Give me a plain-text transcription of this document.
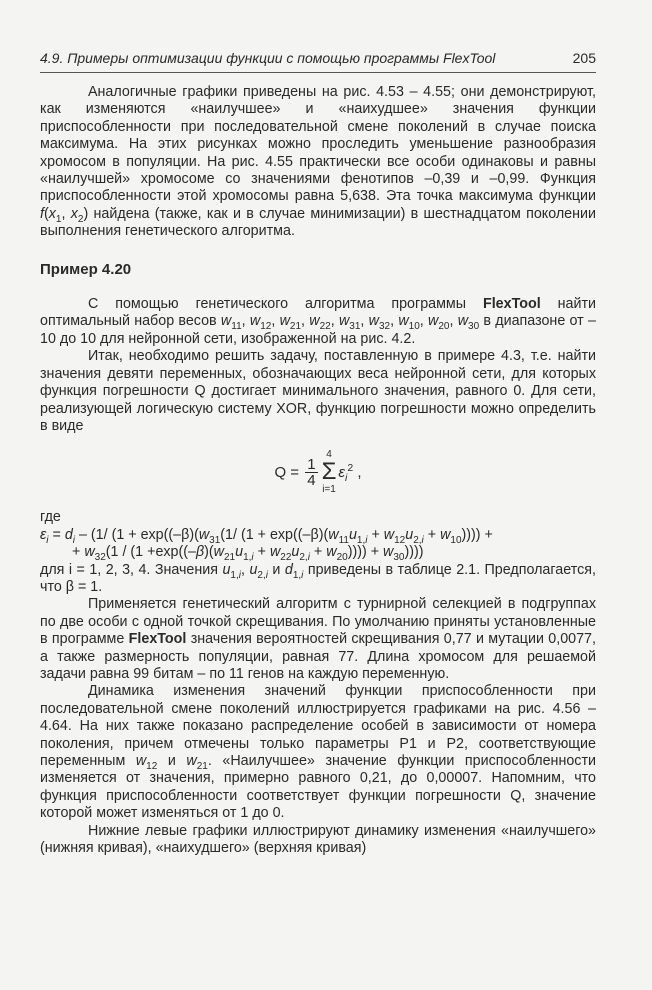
4.9. Примеры оптимизации функции с помощью программы FlexTool	205

Аналогичные графики приведены на рис. 4.53 – 4.55; они демонстрируют, как изменяются «наилучшее» и «наихудшее» значения функции приспособленности при последовательной смене поколений в случае поиска максимума. На этих рисунках можно проследить уменьшение разнообразия хромосом в популяции. На рис. 4.55 практически все особи одинаковы и равны «наилучшей» хромосоме со значениями фенотипов –0,39 и –0,99. Функция приспособленности этой хромосомы равна 5,638. Эта точка максимума функции $f(x_1$, $x_2$) найдена (также, как и в случае минимизации) в шестнадцатом поколении выполнения генетического алгоритма.

Пример 4.20

С помощью генетического алгоритма программы FlexTool найти оптимальный набор весов $w_{11}$, $w_{12}$, $w_{21}$, $w_{22}$, $w_{31}$, $w_{32}$, $w_{10}$, $w_{20}$, $w_{30}$ в диапазоне от –10 до 10 для нейронной сети, изображенной на рис. 4.2.

Итак, необходимо решить задачу, поставленную в примере 4.3, т.е. найти значения девяти переменных, обозначающих веса нейронной сети, для которых функция погрешности Q достигает минимального значения, равного 0. Для сети, реализующей логическую систему XOR, функцию погрешности можно определить в виде

$Q = \frac{1}{4}$
4
Σ
i=1
$\varepsilon_i^2$ ,

где

$\varepsilon_i = d_i - (1/$ ($1 + \exp((-\beta)(w_{31}(1/$ $(1 + \exp((-\beta)(w_{11}u_{1,i} + w_{12}u_{2,i} + w_{10})))$) +

+ $w_{32}(1 / (1 +\exp((-\beta)(w_{21}u_{1,i} + w_{22}u_{2,i} + w_{20})))) + w_{30}$))))

для i = 1, 2, 3, 4. Значения $u_{1,i}$, $u_{2,i}$ и $d_{1,i}$ приведены в таблице 2.1. Предполагается, что β = 1.

Применяется генетический алгоритм с турнирной селекцией в подгруппах по две особи с одной точкой скрещивания. По умолчанию приняты установленные в программе FlexTool значения вероятностей скрещивания 0,77 и мутации 0,0077, а также размерность популяции, равная 77. Длина хромосом для решаемой задачи равна 99 битам – по 11 генов на каждую переменную.

Динамика изменения значений функции приспособленности при последовательной смене поколений иллюстрируется графиками на рис. 4.56 – 4.64. На них также показано распределение особей в зависимости от номера поколения, причем отмечены только параметры P1 и P2, соответствующие переменным $w_{12}$ и $w_{21}$. «Наилучшее» значение функции приспособленности изменяется от значения, примерно равного 0,21, до 0,00007. Напомним, что функция приспособленности соответствует функции погрешности Q, значение которой может изменяться от 1 до 0.

Нижние левые графики иллюстрируют динамику изменения «наилучшего» (нижняя кривая), «наихудшего» (верхняя кривая)
